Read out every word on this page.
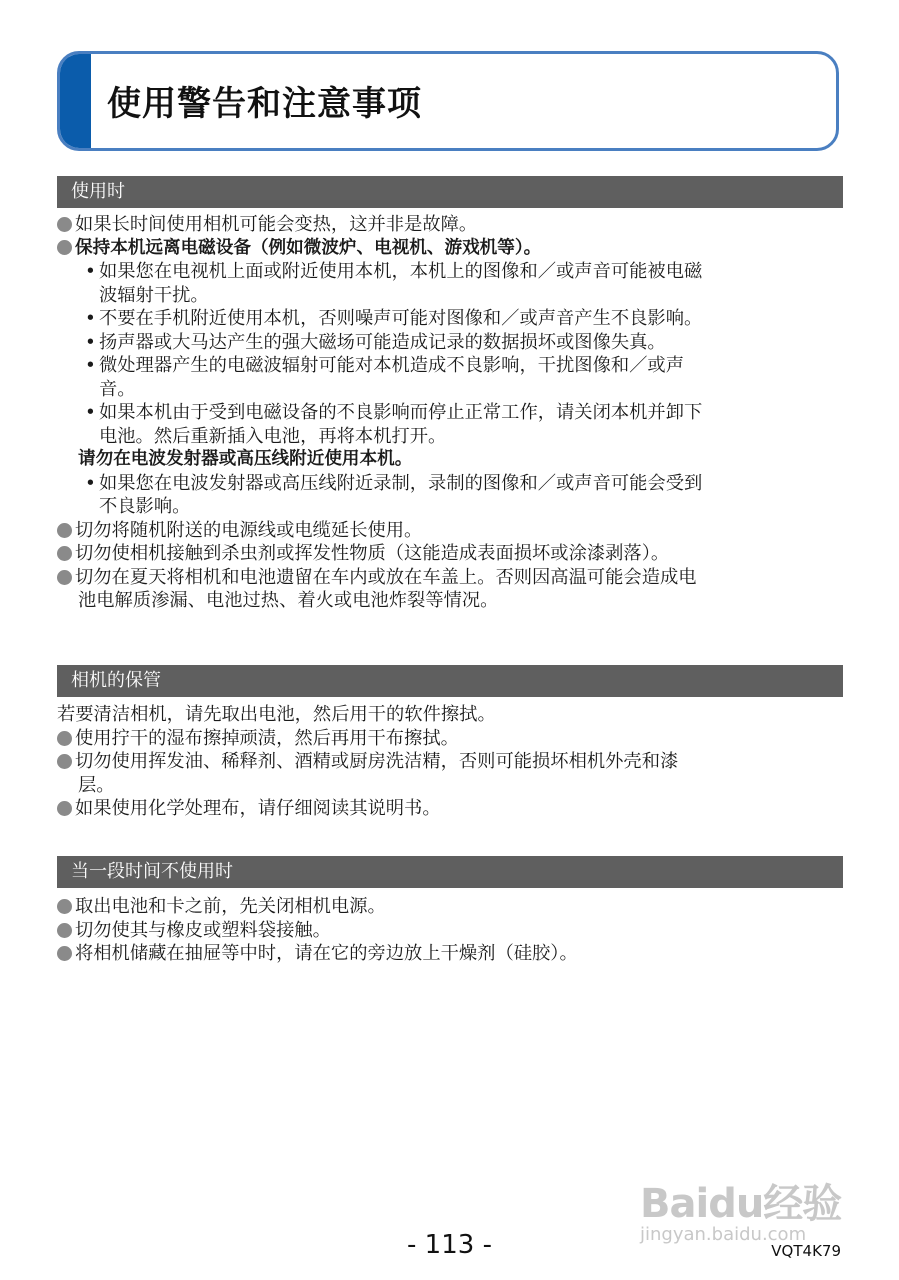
使用警告和注意事项
使用时
如果长时间使用相机可能会变热，这并非是故障。
保持本机远离电磁设备（例如微波炉、电视机、游戏机等）。
• 如果您在电视机上面或附近使用本机，本机上的图像和／或声音可能被电磁
波辐射干扰。
• 不要在手机附近使用本机，否则噪声可能对图像和／或声音产生不良影响。
• 扬声器或大马达产生的强大磁场可能造成记录的数据损坏或图像失真。
• 微处理器产生的电磁波辐射可能对本机造成不良影响，干扰图像和／或声
音。
• 如果本机由于受到电磁设备的不良影响而停止正常工作，请关闭本机并卸下
电池。然后重新插入电池，再将本机打开。
请勿在电波发射器或高压线附近使用本机。
• 如果您在电波发射器或高压线附近录制，录制的图像和／或声音可能会受到
不良影响。
切勿将随机附送的电源线或电缆延长使用。
切勿使相机接触到杀虫剂或挥发性物质（这能造成表面损坏或涂漆剥落）。
切勿在夏天将相机和电池遗留在车内或放在车盖上。否则因高温可能会造成电
池电解质渗漏、电池过热、着火或电池炸裂等情况。
相机的保管
若要清洁相机，请先取出电池，然后用干的软件擦拭。
使用拧干的湿布擦掉顽渍，然后再用干布擦拭。
切勿使用挥发油、稀释剂、酒精或厨房洗洁精，否则可能损坏相机外壳和漆
层。
如果使用化学处理布，请仔细阅读其说明书。
当一段时间不使用时
取出电池和卡之前，先关闭相机电源。
切勿使其与橡皮或塑料袋接触。
将相机储藏在抽屉等中时，请在它的旁边放上干燥剂（硅胶）。
Baidu经验
jingyan.baidu.com
- 113 -	VQT4K79
